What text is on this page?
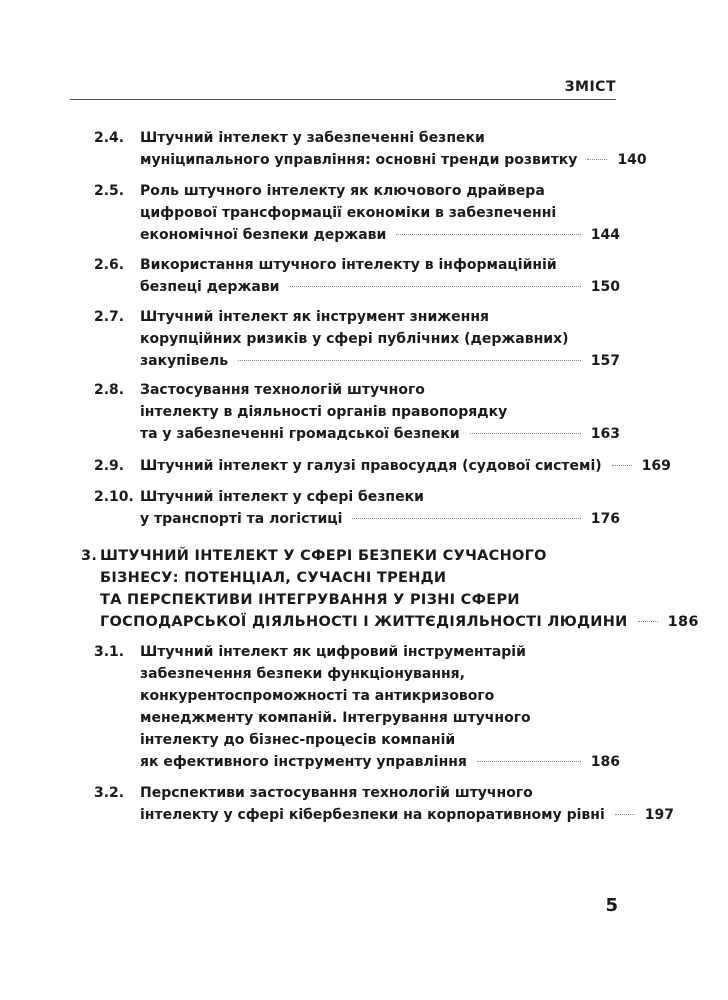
ЗМІСТ
2.4. Штучний інтелект у забезпеченні безпеки
муніципального управління: основні тренди розвитку	140
2.5. Роль штучного інтелекту як ключового драйвера
цифрової трансформації економіки в забезпеченні
економічної безпеки держави	144
2.6. Використання штучного інтелекту в інформаційній
безпеці держави	150
2.7. Штучний інтелект як інструмент зниження
корупційних ризиків у сфері публічних (державних)
закупівель	157
2.8. Застосування технологій штучного
інтелекту в діяльності органів правопорядку
та у забезпеченні громадської безпеки	163
2.9. Штучний інтелект у галузі правосуддя (судової системі)	169
2.10. Штучний інтелект у сфері безпеки
у транспорті та логістиці	176
3. ШТУЧНИЙ ІНТЕЛЕКТ У СФЕРІ БЕЗПЕКИ СУЧАСНОГО
БІЗНЕСУ: ПОТЕНЦІАЛ, СУЧАСНІ ТРЕНДИ
ТА ПЕРСПЕКТИВИ ІНТЕГРУВАННЯ У РІЗНІ СФЕРИ
ГОСПОДАРСЬКОЇ ДІЯЛЬНОСТІ І ЖИТТЄДІЯЛЬНОСТІ ЛЮДИНИ	186
3.1. Штучний інтелект як цифровий інструментарій
забезпечення безпеки функціонування,
конкурентоспроможності та антикризового
менеджменту компаній. Інтегрування штучного
інтелекту до бізнес-процесів компаній
як ефективного інструменту управління	186
3.2. Перспективи застосування технологій штучного
інтелекту у сфері кібербезпеки на корпоративному рівні	197
5
